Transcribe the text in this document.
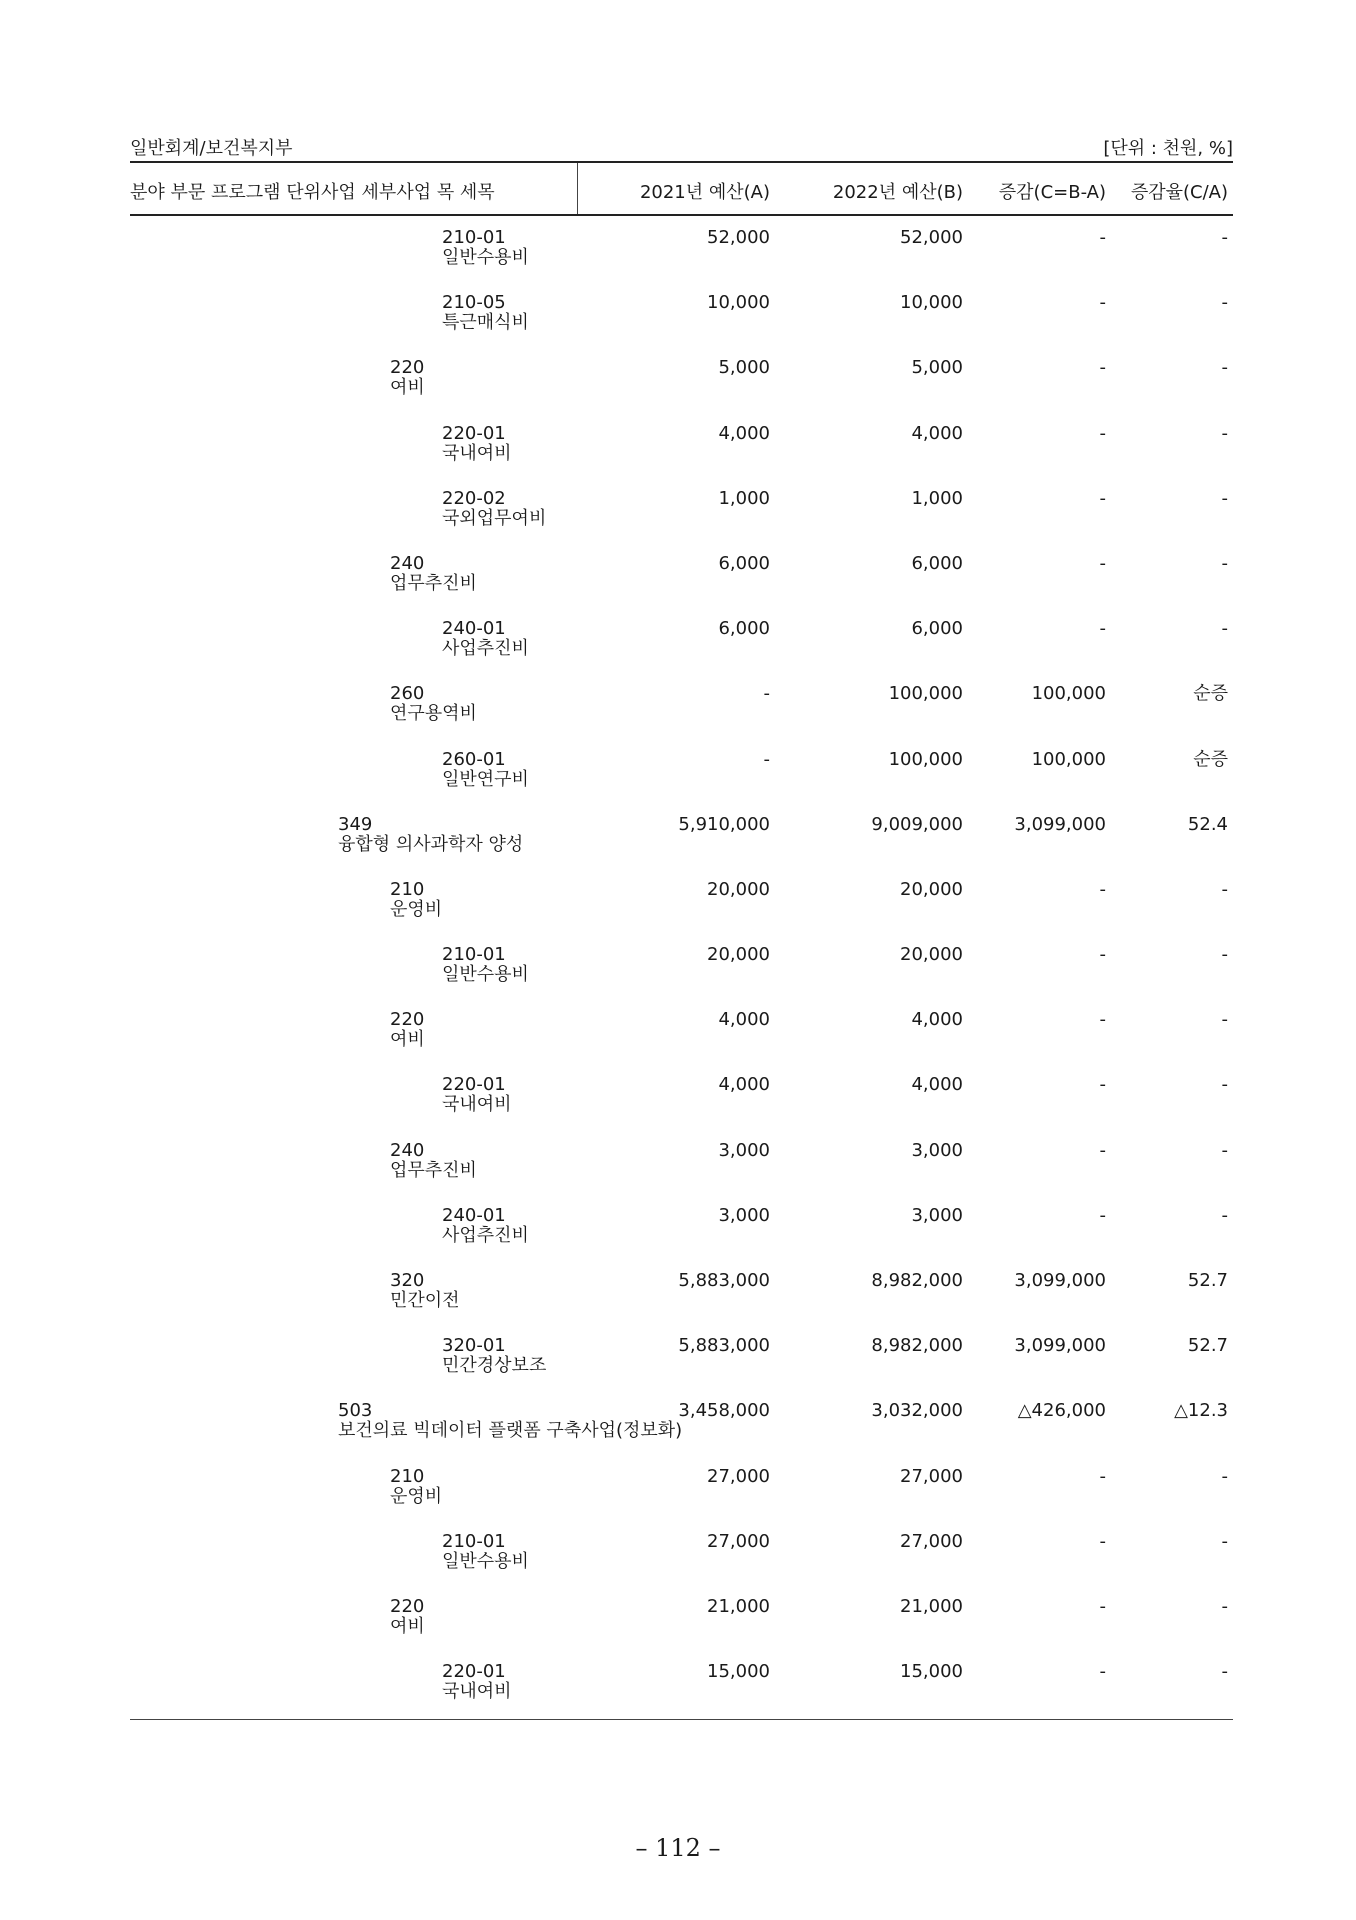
일반회계/보건복지부	[단위 : 천원, %]
분야 부문 프로그램 단위사업 세부사업 목 세목	2021년 예산(A)	2022년 예산(B) 증감(C=B-A) 증감율(C/A)
210-01
일반수용비
52,000	52,000	-	-
210-05
특근매식비
10,000	10,000	-	-
220
여비
5,000	5,000	-	-
220-01
국내여비
4,000	4,000	-	-
220-02
국외업무여비
1,000	1,000	-	-
240
업무추진비
6,000	6,000	-	-
240-01
사업추진비
6,000	6,000	-	-
260
연구용역비
-	100,000	100,000	순증
260-01
일반연구비
-	100,000	100,000	순증
349
융합형 의사과학자 양성
5,910,000	9,009,000	3,099,000	52.4
210
운영비
20,000	20,000	-	-
210-01
일반수용비
20,000	20,000	-	-
220
여비
4,000	4,000	-	-
220-01
국내여비
4,000	4,000	-	-
240
업무추진비
3,000	3,000	-	-
240-01
사업추진비
3,000	3,000	-	-
320
민간이전
5,883,000	8,982,000	3,099,000	52.7
320-01
민간경상보조
5,883,000	8,982,000	3,099,000	52.7
503
보건의료 빅데이터 플랫폼 구축사업(정보화)
3,458,000	3,032,000	△426,000	△12.3
210
운영비
27,000	27,000	-	-
210-01
일반수용비
27,000	27,000	-	-
220
여비
21,000	21,000	-	-
220-01
국내여비
15,000	15,000	-	-
– 112 –
